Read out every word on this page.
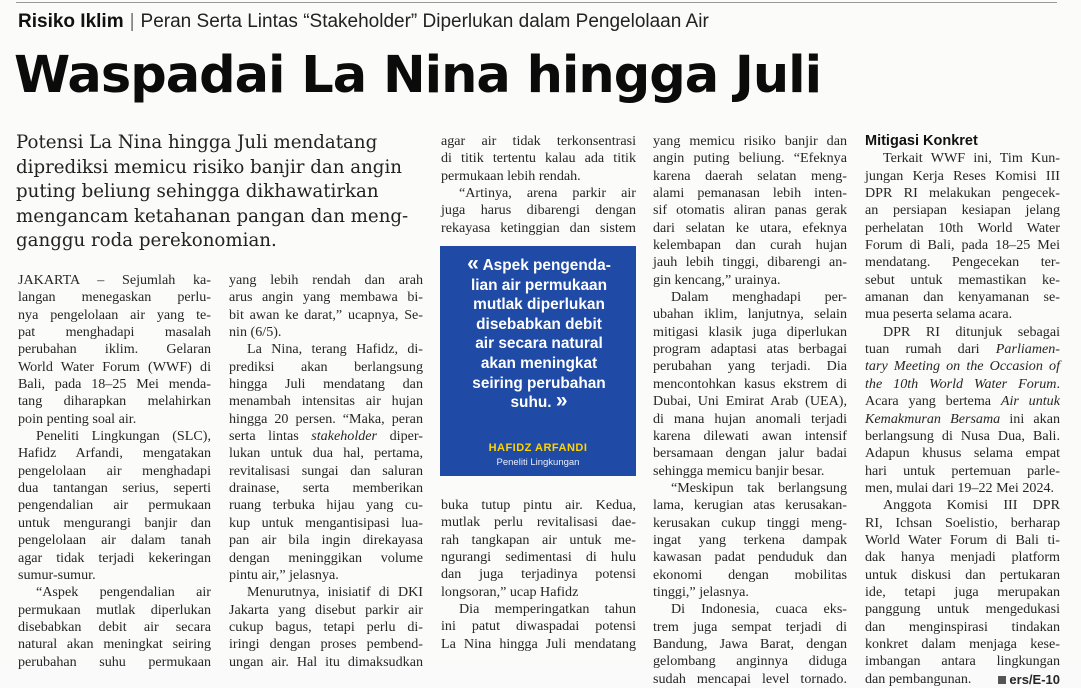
Risiko Iklim | Peran Serta Lintas “Stakeholder” Diperlukan dalam Pengelolaan Air
Waspadai La Nina hingga Juli

Potensi La Nina hingga Juli mendatang
diprediksi memicu risiko banjir dan angin
puting beliung sehingga dikhawatirkan
mengancam ketahanan pangan dan meng-
ganggu roda perekonomian.

JAKARTA – Sejumlah ka-
langan menegaskan perlu-
nya pengelolaan air yang te-
pat menghadapi masalah
perubahan iklim. Gelaran
World Water Forum (WWF) di
Bali, pada 18–25 Mei menda-
tang diharapkan melahirkan
poin penting soal air.
Peneliti Lingkungan (SLC),
Hafidz Arfandi, mengatakan
pengelolaan air menghadapi
dua tantangan serius, seperti
pengendalian air permukaan
untuk mengurangi banjir dan
pengelolaan air dalam tanah
agar tidak terjadi kekeringan
sumur-sumur.
“Aspek pengendalian air
permukaan mutlak diperlukan
disebabkan debit air secara
natural akan meningkat seiring
perubahan suhu permukaan
yang lebih rendah dan arah
arus angin yang membawa bi-
bit awan ke darat,” ucapnya, Se-
nin (6/5).
La Nina, terang Hafidz, di-
prediksi akan berlangsung
hingga Juli mendatang dan
menambah intensitas air hujan
hingga 20 persen. “Maka, peran
serta lintas stakeholder diper-
lukan untuk dua hal, pertama,
revitalisasi sungai dan saluran
drainase, serta memberikan
ruang terbuka hijau yang cu-
kup untuk mengantisipasi lua-
pan air bila ingin direkayasa
dengan meninggikan volume
pintu air,” jelasnya.
Menurutnya, inisiatif di DKI
Jakarta yang disebut parkir air
cukup bagus, tetapi perlu di-
iringi dengan proses pembend-
ungan air. Hal itu dimaksudkan
agar air tidak terkonsentrasi
di titik tertentu kalau ada titik
permukaan lebih rendah.
“Artinya, arena parkir air
juga harus dibarengi dengan
rekayasa ketinggian dan sistem
« Aspek pengenda-
lian air permukaan
mutlak diperlukan
disebabkan debit
air secara natural
akan meningkat
seiring perubahan
suhu. »
HAFIDZ ARFANDI
Peneliti Lingkungan
buka tutup pintu air. Kedua,
mutlak perlu revitalisasi dae-
rah tangkapan air untuk me-
ngurangi sedimentasi di hulu
dan juga terjadinya potensi
longsoran,” ucap Hafidz
Dia memperingatkan tahun
ini patut diwaspadai potensi
La Nina hingga Juli mendatang
yang memicu risiko banjir dan
angin puting beliung. “Efeknya
karena daerah selatan meng-
alami pemanasan lebih inten-
sif otomatis aliran panas gerak
dari selatan ke utara, efeknya
kelembapan dan curah hujan
jauh lebih tinggi, dibarengi an-
gin kencang,” urainya.
Dalam menghadapi per-
ubahan iklim, lanjutnya, selain
mitigasi klasik juga diperlukan
program adaptasi atas berbagai
perubahan yang terjadi. Dia
mencontohkan kasus ekstrem di
Dubai, Uni Emirat Arab (UEA),
di mana hujan anomali terjadi
karena dilewati awan intensif
bersamaan dengan jalur badai
sehingga memicu banjir besar.
“Meskipun tak berlangsung
lama, kerugian atas kerusakan-
kerusakan cukup tinggi meng-
ingat yang terkena dampak
kawasan padat penduduk dan
ekonomi dengan mobilitas
tinggi,” jelasnya.
Di Indonesia, cuaca eks-
trem juga sempat terjadi di
Bandung, Jawa Barat, dengan
gelombang anginnya diduga
sudah mencapai level tornado.
Mitigasi Konkret
Terkait WWF ini, Tim Kun-
jungan Kerja Reses Komisi III
DPR RI melakukan pengecek-
an persiapan kesiapan jelang
perhelatan 10th World Water
Forum di Bali, pada 18–25 Mei
mendatang. Pengecekan ter-
sebut untuk memastikan ke-
amanan dan kenyamanan se-
mua peserta selama acara.
DPR RI ditunjuk sebagai
tuan rumah dari Parliamen-
tary Meeting on the Occasion of
the 10th World Water Forum.
Acara yang bertema Air untuk
Kemakmuran Bersama ini akan
berlangsung di Nusa Dua, Bali.
Adapun khusus selama empat
hari untuk pertemuan parle-
men, mulai dari 19–22 Mei 2024.
Anggota Komisi III DPR
RI, Ichsan Soelistio, berharap
World Water Forum di Bali ti-
dak hanya menjadi platform
untuk diskusi dan pertukaran
ide, tetapi juga merupakan
panggung untuk mengedukasi
dan menginspirasi tindakan
konkret dalam menjaga kese-
imbangan antara lingkungan
dan pembangunan.	ers/E-10
